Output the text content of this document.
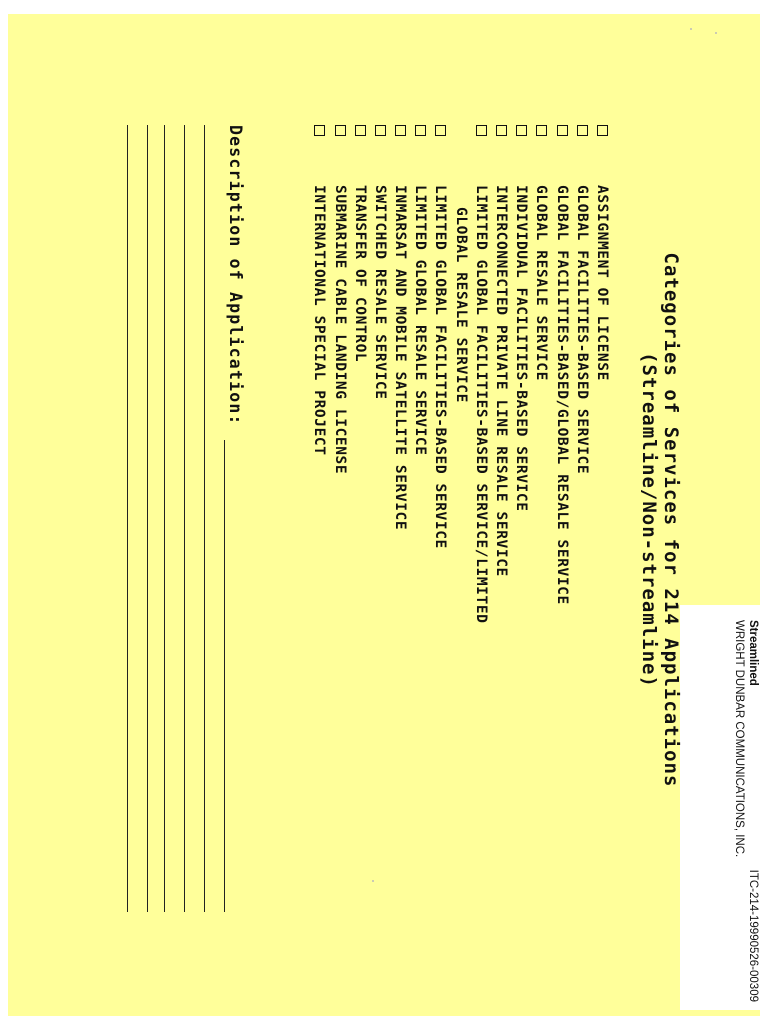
Streamlined
ITC-214-19990526-00309
WRIGHT DUNBAR COMMUNICATIONS, INC.
Categories of Services for 214 Applications
(Streamline/Non-streamline)
ASSIGNMENT OF LICENSE
GLOBAL FACILITIES-BASED SERVICE
GLOBAL FACILITIES-BASED/GLOBAL RESALE SERVICE
GLOBAL RESALE SERVICE
INDIVIDUAL FACILITIES-BASED SERVICE
INTERCONNECTED PRIVATE LINE RESALE SERVICE
LIMITED GLOBAL FACILITIES-BASED SERVICE/LIMITED
GLOBAL RESALE SERVICE
LIMITED GLOBAL FACILITIES-BASED SERVICE
LIMITED GLOBAL RESALE SERVICE
INMARSAT AND MOBILE SATELLITE SERVICE
SWITCHED RESALE SERVICE
TRANSFER OF CONTROL
SUBMARINE CABLE LANDING LICENSE
INTERNATIONAL SPECIAL PROJECT
Description of Application:
